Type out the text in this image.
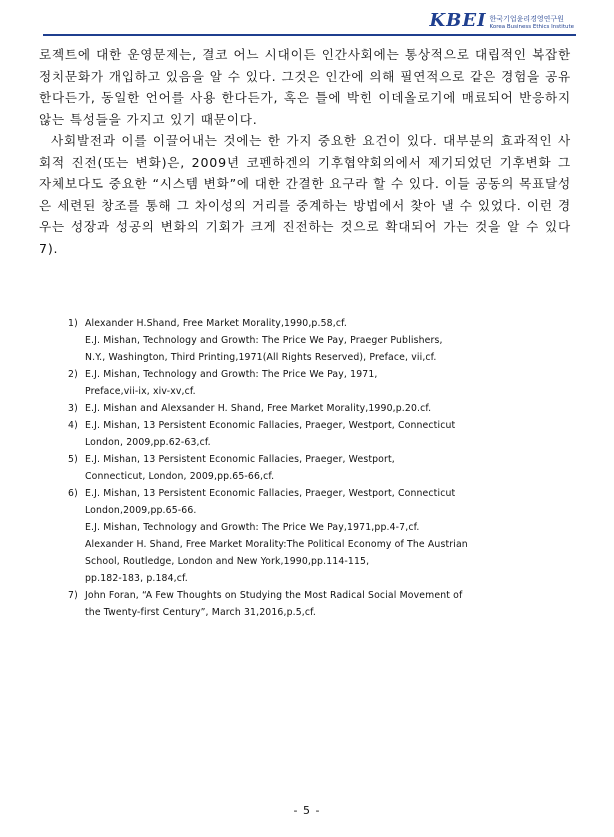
KBEI 한국기업윤리경영연구원
Korea Business Ethics Institute

로젝트에 대한 운영문제는, 결코 어느 시대이든 인간사회에는 통상적으로 대립적인 복잡한 정치문화가 개입하고 있음을 알 수 있다. 그것은 인간에 의해 필연적으로 같은 경험을 공유한다든가, 동일한 언어를 사용 한다든가, 혹은 틀에 박힌 이데올로기에 매료되어 반응하지 않는 특성들을 가지고 있기 때문이다.

사회발전과 이를 이끌어내는 것에는 한 가지 중요한 요건이 있다. 대부분의 효과적인 사회적 진전(또는 변화)은, 2009년 코펜하겐의 기후협약회의에서 제기되었던 기후변화 그 자체보다도 중요한 “시스템 변화”에 대한 간결한 요구라 할 수 있다. 이들 공동의 목표달성은 세련된 창조를 통해 그 차이성의 거리를 중계하는 방법에서 찾아 낼 수 있었다. 이런 경우는 성장과 성공의 변화의 기회가 크게 진전하는 것으로 확대되어 가는 것을 알 수 있다7).

1) Alexander H.Shand, Free Market Morality,1990,p.58,cf.
E.J. Mishan, Technology and Growth: The Price We Pay, Praeger Publishers,
N.Y., Washington, Third Printing,1971(All Rights Reserved), Preface, vii,cf.
2) E.J. Mishan, Technology and Growth: The Price We Pay, 1971,
Preface,vii-ix, xiv-xv,cf.
3) E.J. Mishan and Alexsander H. Shand, Free Market Morality,1990,p.20.cf.
4) E.J. Mishan, 13 Persistent Economic Fallacies, Praeger, Westport, Connecticut
London, 2009,pp.62-63,cf.
5) E.J. Mishan, 13 Persistent Economic Fallacies, Praeger, Westport,
Connecticut, London, 2009,pp.65-66,cf.
6) E.J. Mishan, 13 Persistent Economic Fallacies, Praeger, Westport, Connecticut
London,2009,pp.65-66.
E.J. Mishan, Technology and Growth: The Price We Pay,1971,pp.4-7,cf.
Alexander H. Shand, Free Market Morality:The Political Economy of The Austrian
School, Routledge, London and New York,1990,pp.114-115,
pp.182-183, p.184,cf.
7) John Foran, “A Few Thoughts on Studying the Most Radical Social Movement of
the Twenty-first Century”, March 31,2016,p.5,cf.
- 5 -
